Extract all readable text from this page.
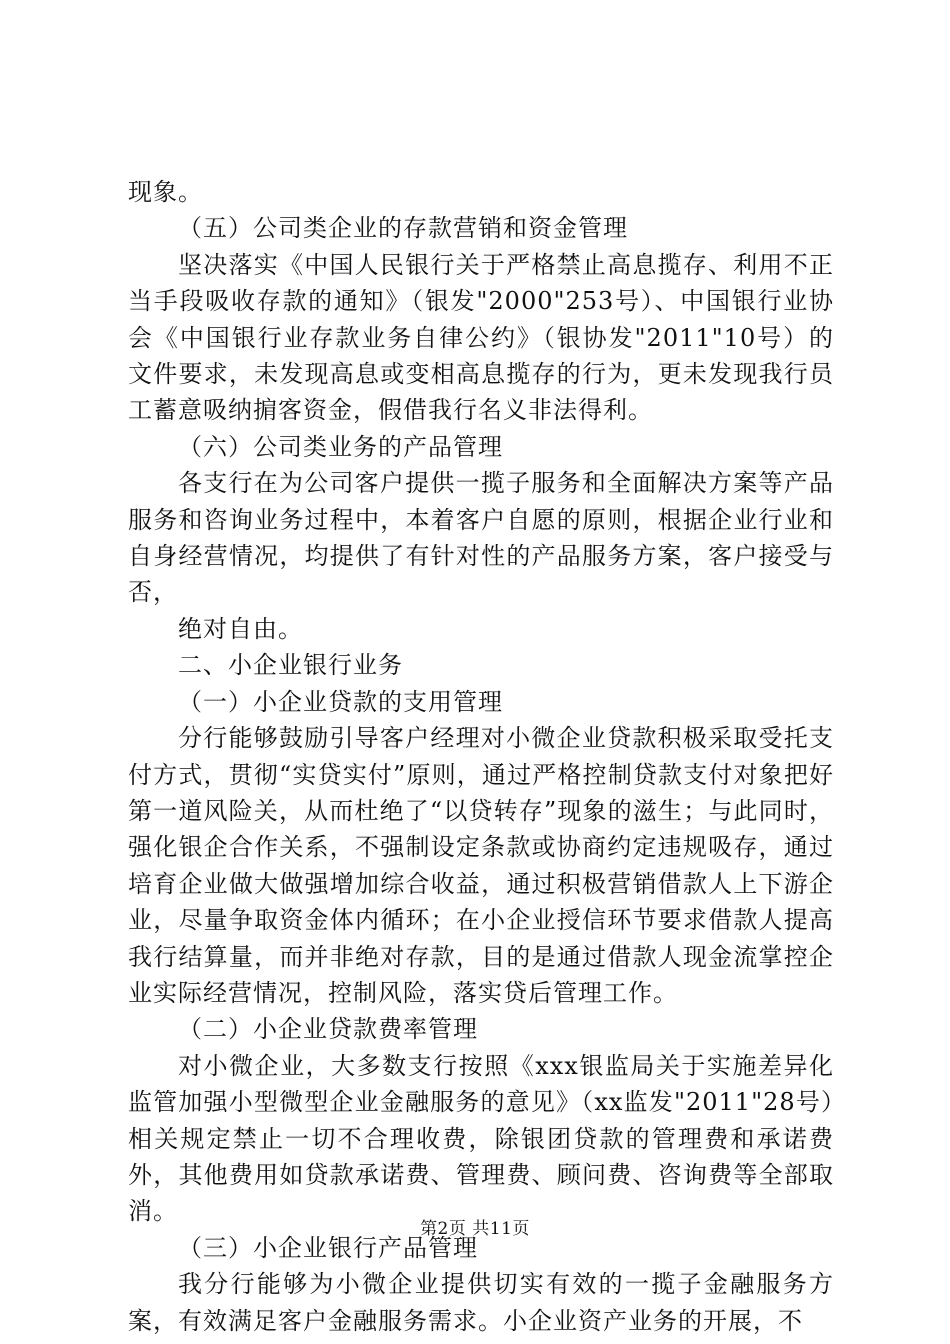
现象。

（五）公司类企业的存款营销和资金管理

坚决落实《中国人民银行关于严格禁止高息揽存、利用不正当手段吸收存款的通知》（银发"2000"253号）、中国银行业协会《中国银行业存款业务自律公约》（银协发"2011"10号）的文件要求，未发现高息或变相高息揽存的行为，更未发现我行员工蓄意吸纳掮客资金，假借我行名义非法得利。

（六）公司类业务的产品管理

各支行在为公司客户提供一揽子服务和全面解决方案等产品服务和咨询业务过程中，本着客户自愿的原则，根据企业行业和自身经营情况，均提供了有针对性的产品服务方案，客户接受与否，

绝对自由。

二、小企业银行业务

（一）小企业贷款的支用管理

分行能够鼓励引导客户经理对小微企业贷款积极采取受托支付方式，贯彻“实贷实付”原则，通过严格控制贷款支付对象把好第一道风险关，从而杜绝了“以贷转存”现象的滋生；与此同时，强化银企合作关系，不强制设定条款或协商约定违规吸存，通过培育企业做大做强增加综合收益，通过积极营销借款人上下游企业，尽量争取资金体内循环；在小企业授信环节要求借款人提高我行结算量，而并非绝对存款，目的是通过借款人现金流掌控企业实际经营情况，控制风险，落实贷后管理工作。

（二）小企业贷款费率管理

对小微企业，大多数支行按照《xxx银监局关于实施差异化监管加强小型微型企业金融服务的意见》（xx监发"2011"28号）相关规定禁止一切不合理收费，除银团贷款的管理费和承诺费外，其他费用如贷款承诺费、管理费、顾问费、咨询费等全部取消。

（三）小企业银行产品管理

我分行能够为小微企业提供切实有效的一揽子金融服务方案，有效满足客户金融服务需求。小企业资产业务的开展，不

第2页 共11页
